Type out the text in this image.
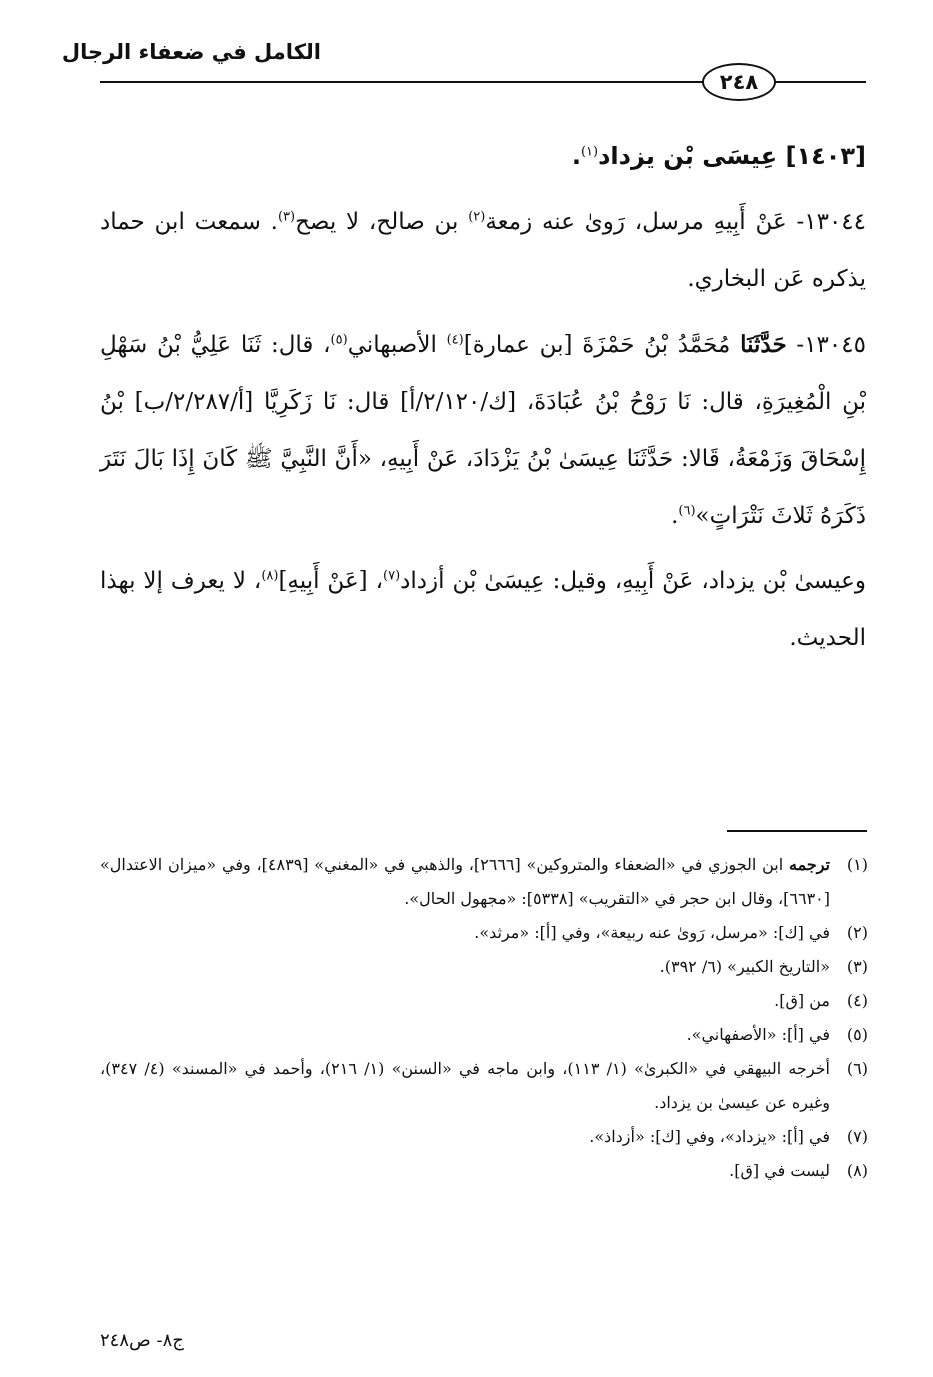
الكامل في ضعفاء الرجال
٢٤٨

[١٤٠٣] عِيسَى بْن يزداد$^{(١)}$.

١٣٠٤٤- عَنْ أَبِيهِ مرسل، رَوىٰ عنه زمعة$^{(٢)}$ بن صالح، لا يصح$^{(٣)}$. سمعت ابن حماد يذكره عَن البخاري.

١٣٠٤٥- حَدَّثَنَا مُحَمَّدُ بْنُ حَمْزَةَ [بن عمارة]$^{(٤)}$ الأصبهاني$^{(٥)}$، قال: ثَنَا عَلِيُّ بْنُ سَهْلِ بْنِ الْمُغِيرَةِ، قال: نَا رَوْحُ بْنُ عُبَادَةَ، [ك/٢/١٢٠/أ] قال: نَا زَكَرِيَّا [أ/٢/٢٨٧/ب] بْنُ إِسْحَاقَ وَزَمْعَةُ، قَالا: حَدَّثَنَا عِيسَىٰ بْنُ يَزْدَادَ، عَنْ أَبِيهِ، «أَنَّ النَّبِيَّ ﷺ كَانَ إِذَا بَالَ نَتَرَ ذَكَرَهُ ثَلاثَ نَتْرَاتٍ»$^{(٦)}$.

وعيسىٰ بْن يزداد، عَنْ أَبِيهِ، وقيل: عِيسَىٰ بْن أزداد$^{(٧)}$، [عَنْ أَبِيهِ]$^{(٨)}$، لا يعرف إلا بهذا الحديث.

(١)
ترجمه ابن الجوزي في «الضعفاء والمتروكين» [٢٦٦٦]، والذهبي في «المغني» [٤٨٣٩]، وفي «ميزان الاعتدال» [٦٦٣٠]، وقال ابن حجر في «التقريب» [٥٣٣٨]: «مجهول الحال».
(٢)
في [ك]: «مرسل، رَوىٰ عنه ربيعة»، وفي [أ]: «مرثد».
(٣)
«التاريخ الكبير» (٦/ ٣٩٢).
(٤)
من [ق].
(٥)
في [أ]: «الأصفهاني».
(٦)
أخرجه البيهقي في «الكبرىٰ» (١/ ١١٣)، وابن ماجه في «السنن» (١/ ٢١٦)، وأحمد في «المسند» (٤/ ٣٤٧)، وغيره عن عيسىٰ بن يزداد.
(٧)
في [أ]: «يزداد»، وفي [ك]: «أزداذ».
(٨)
ليست في [ق].
ج٨- ص٢٤٨
